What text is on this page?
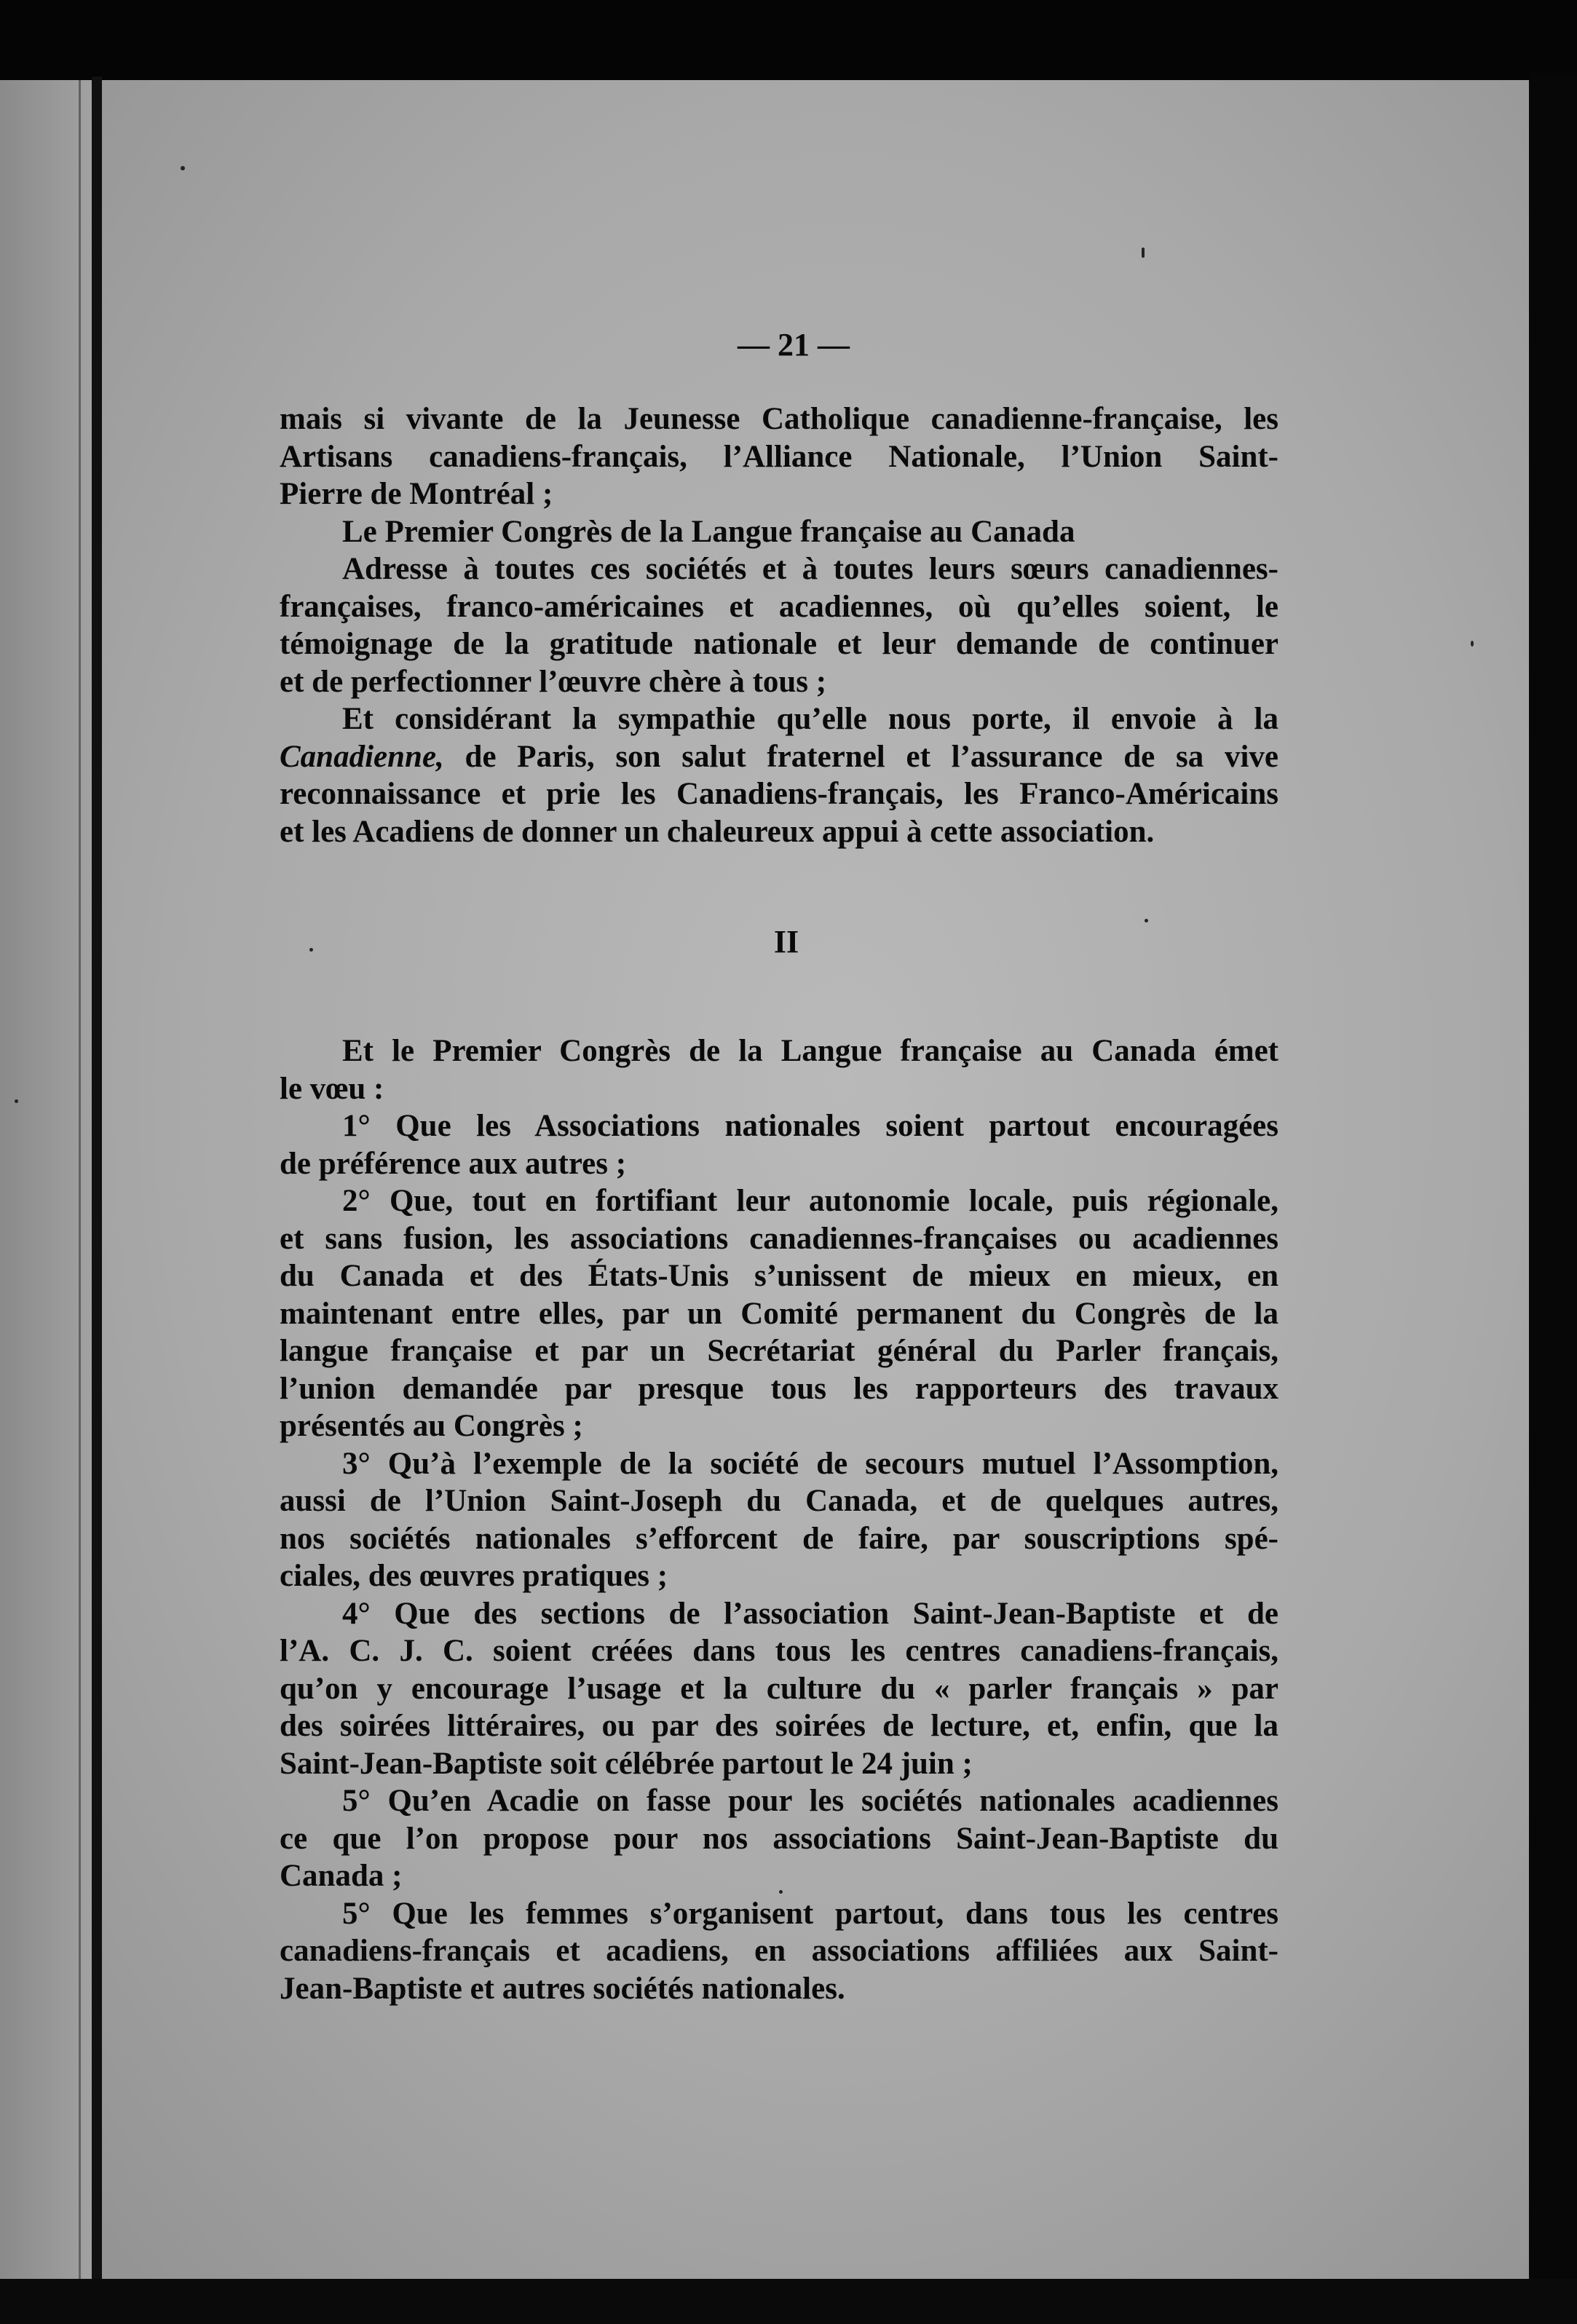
— 21 —
mais si vivante de la Jeunesse Catholique canadienne-française, les
Artisans canadiens-français, l’Alliance Nationale, l’Union Saint-
Pierre de Montréal ;
Le Premier Congrès de la Langue française au Canada
Adresse à toutes ces sociétés et à toutes leurs sœurs canadiennes-
françaises, franco-américaines et acadiennes, où qu’elles soient, le
témoignage de la gratitude nationale et leur demande de continuer
et de perfectionner l’œuvre chère à tous ;
Et considérant la sympathie qu’elle nous porte, il envoie à la
Canadienne, de Paris, son salut fraternel et l’assurance de sa vive
reconnaissance et prie les Canadiens-français, les Franco-Américains
et les Acadiens de donner un chaleureux appui à cette association.
II
Et le Premier Congrès de la Langue française au Canada émet
le vœu :
1° Que les Associations nationales soient partout encouragées
de préférence aux autres ;
2° Que, tout en fortifiant leur autonomie locale, puis régionale,
et sans fusion, les associations canadiennes-françaises ou acadiennes
du Canada et des États-Unis s’unissent de mieux en mieux, en
maintenant entre elles, par un Comité permanent du Congrès de la
langue française et par un Secrétariat général du Parler français,
l’union demandée par presque tous les rapporteurs des travaux
présentés au Congrès ;
3° Qu’à l’exemple de la société de secours mutuel l’Assomption,
aussi de l’Union Saint-Joseph du Canada, et de quelques autres,
nos sociétés nationales s’efforcent de faire, par souscriptions spé-
ciales, des œuvres pratiques ;
4° Que des sections de l’association Saint-Jean-Baptiste et de
l’A. C. J. C. soient créées dans tous les centres canadiens-français,
qu’on y encourage l’usage et la culture du « parler français » par
des soirées littéraires, ou par des soirées de lecture, et, enfin, que la
Saint-Jean-Baptiste soit célébrée partout le 24 juin ;
5° Qu’en Acadie on fasse pour les sociétés nationales acadiennes
ce que l’on propose pour nos associations Saint-Jean-Baptiste du
Canada ;
5° Que les femmes s’organisent partout, dans tous les centres
canadiens-français et acadiens, en associations affiliées aux Saint-
Jean-Baptiste et autres sociétés nationales.
